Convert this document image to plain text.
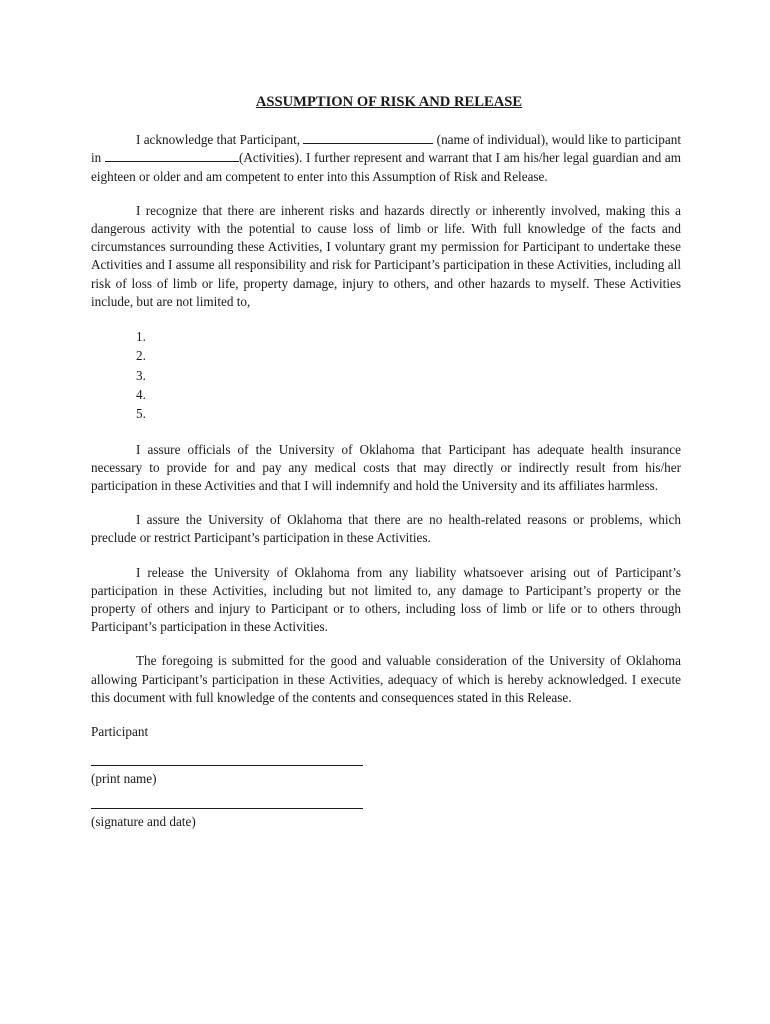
ASSUMPTION OF RISK AND RELEASE

I acknowledge that Participant,	(name of individual), would like to participant in	(Activities). I further represent and warrant that I am his/her legal guardian and am eighteen or older and am competent to enter into this Assumption of Risk and Release.

I recognize that there are inherent risks and hazards directly or inherently involved, making this a dangerous activity with the potential to cause loss of limb or life. With full knowledge of the facts and circumstances surrounding these Activities, I voluntary grant my permission for Participant to undertake these Activities and I assume all responsibility and risk for Participant’s participation in these Activities, including all risk of loss of limb or life, property damage, injury to others, and other hazards to myself. These Activities include, but are not limited to,

1.
2.
3.
4.
5.

I assure officials of the University of Oklahoma that Participant has adequate health insurance necessary to provide for and pay any medical costs that may directly or indirectly result from his/her participation in these Activities and that I will indemnify and hold the University and its affiliates harmless.

I assure the University of Oklahoma that there are no health-related reasons or problems, which preclude or restrict Participant’s participation in these Activities.

I release the University of Oklahoma from any liability whatsoever arising out of Participant’s participation in these Activities, including but not limited to, any damage to Participant’s property or the property of others and injury to Participant or to others, including loss of limb or life or to others through Participant’s participation in these Activities.

The foregoing is submitted for the good and valuable consideration of the University of Oklahoma allowing Participant’s participation in these Activities, adequacy of which is hereby acknowledged. I execute this document with full knowledge of the contents and consequences stated in this Release.

Participant
(print name)
(signature and date)
